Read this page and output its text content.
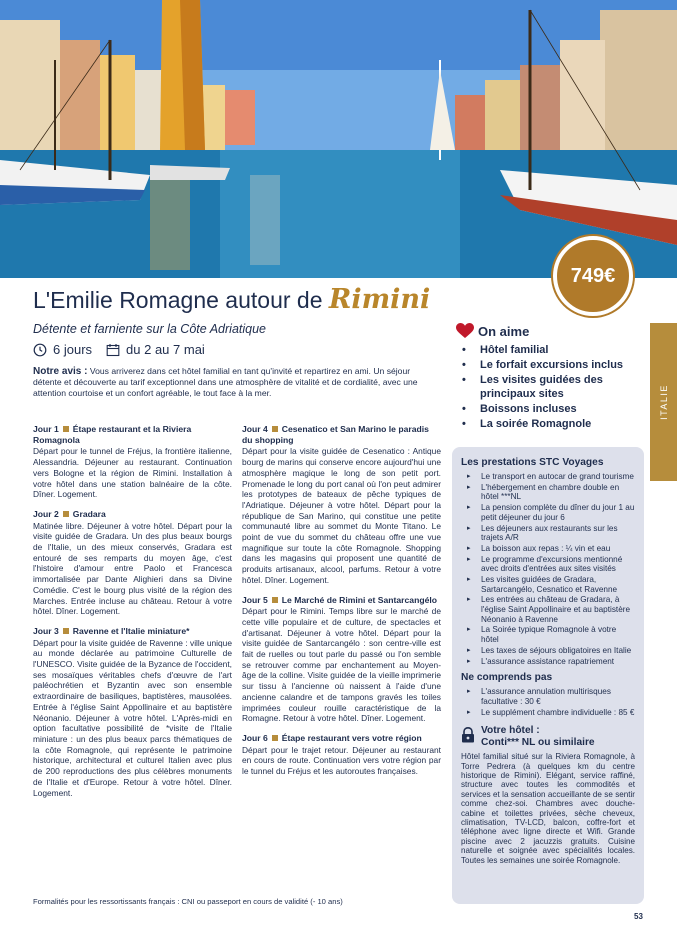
749€
ITALIE
L'Emilie Romagne autour de Rimini
Détente et farniente sur la Côte Adriatique
6 jours	du 2 au 7 mai
Notre avis : Vous arriverez dans cet hôtel familial en tant qu'invité et repartirez en ami. Un séjour détente et découverte au tarif exceptionnel dans une atmosphère de vitalité et de cordialité, avec une attention courtoise et un confort agréable, le tout face à la mer.
Jour 1 Étape restaurant et la Riviera Romagnola
Départ pour le tunnel de Fréjus, la frontière italienne, Alessandria. Déjeuner au restaurant. Continuation vers Bologne et la région de Rimini. Installation à votre hôtel dans une station balnéaire de la côte. Dîner. Logement.
Jour 2 Gradara
Matinée libre. Déjeuner à votre hôtel. Départ pour la visite guidée de Gradara. Un des plus beaux bourgs de l'Italie, un des mieux conservés, Gradara est entouré de ses remparts du moyen âge, c'est l'histoire d'amour entre Paolo et Francesca immortalisée par Dante Alighieri dans sa Divine Comédie. C'est le bourg plus visité de la région des Marches. Entrée incluse au château. Retour à votre hôtel. Dîner. Logement.
Jour 3 Ravenne et l'Italie miniature*
Départ pour la visite guidée de Ravenne : ville unique au monde déclarée au patrimoine Culturelle de l'UNESCO. Visite guidée de la Byzance de l'occident, ses mosaïques véritables chefs d'œuvre de l'art paléochrétien et Byzantin avec son ensemble extraordinaire de basiliques, baptistères, mausolées. Entrée à l'église Saint Appollinaire et au baptistère Néonanio. Déjeuner à votre hôtel. L'Après-midi en option facultative possibilité de *visite de l'Italie miniature : un des plus beaux parcs thématiques de la côte Romagnole, qui représente le patrimoine historique, architectural et culturel Italien avec plus de 200 reproductions des plus célèbres monuments de l'Italie et d'Europe. Retour à votre hôtel. Dîner. Logement.
Jour 4 Cesenatico et San Marino le paradis du shopping
Départ pour la visite guidée de Cesenatico : Antique bourg de marins qui conserve encore aujourd'hui une atmosphère magique le long de son petit port. Promenade le long du port canal où l'on peut admirer les prototypes de bateaux de pêche typiques de l'Adriatique. Déjeuner à votre hôtel. Départ pour la république de San Marino, qui constitue une petite communauté libre au sommet du Monte Titano. Le point de vue du sommet du château offre une vue magnifique sur toute la côte Romagnole. Shopping dans les magasins qui proposent une quantité de produits artisanaux, alcool, parfums. Retour à votre hôtel. Dîner. Logement.
Jour 5 Le Marché de Rimini et Santarcangélo
Départ pour le Rimini. Temps libre sur le marché de cette ville populaire et de culture, de spectacles et d'artisanat. Déjeuner à votre hôtel. Départ pour la visite guidée de Santarcangélo : son centre-ville est fait de ruelles ou tout parle du passé ou l'on semble se retrouver comme par enchantement au Moyen-âge de la colline. Visite guidée de la vieille imprimerie sur tissu à l'ancienne où naissent à l'aide d'une ancienne calandre et de tampons gravés les toiles imprimées couleur rouille caractéristique de la Romagne. Retour à votre hôtel. Dîner. Logement.
Jour 6 Étape restaurant vers votre région
Départ pour le trajet retour. Déjeuner au restaurant en cours de route. Continuation vers votre région par le tunnel du Fréjus et les autoroutes françaises.
On aime
• Hôtel familial
• Le forfait excursions inclus
• Les visites guidées des principaux sites
• Boissons incluses
• La soirée Romagnole
Les prestations STC Voyages
▸ Le transport en autocar de grand tourisme
▸ L'hébergement en chambre double en hôtel ***NL
▸ La pension complète du dîner du jour 1 au petit déjeuner du jour 6
▸ Les déjeuners aux restaurants sur les trajets A/R
▸ La boisson aux repas : ¼ vin et eau
▸ Le programme d'excursions mentionné avec droits d'entrées aux sites visités
▸ Les visites guidées de Gradara, Sartarcangélo, Cesnatico et Ravenne
▸ Les entrées au château de Gradara, à l'église Saint Appollinaire et au baptistère Néonanio à Ravenne
▸ La Soirée typique Romagnole à votre hôtel
▸ Les taxes de séjours obligatoires en Italie
▸ L'assurance assistance rapatriement
Ne comprends pas
▸ L'assurance annulation multirisques facultative : 30 €
▸ Le supplément chambre individuelle : 85 €
Votre hôtel :
Conti*** NL ou similaire
Hôtel familial situé sur la Riviera Romagnole, à Torre Pedrera (à quelques km du centre historique de Rimini). Elégant, service raffiné, structure avec toutes les commodités et services et la sensation accueillante de se sentir comme chez-soi. Chambres avec douche-cabine et toilettes privées, sèche cheveux, climatisation, TV-LCD, balcon, coffre-fort et téléphone avec ligne directe et Wifi. Grande piscine avec 2 jacuzzis gratuits. Cuisine naturelle et soignée avec spécialités locales. Toutes les semaines une soirée Romagnole.
Formalités pour les ressortissants français : CNI ou passeport en cours de validité (- 10 ans)
53
